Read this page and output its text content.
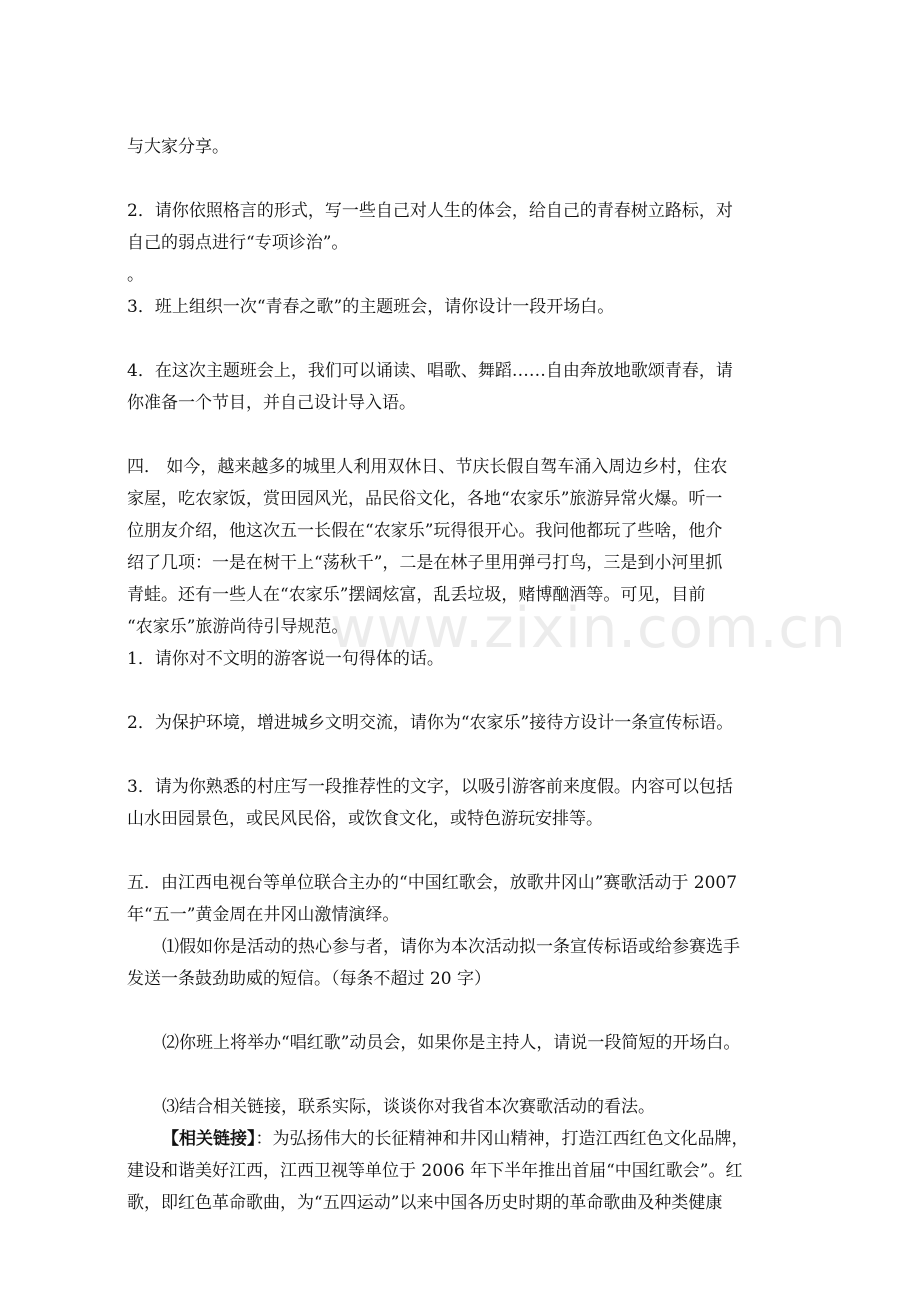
与大家分享。
2．请你依照格言的形式，写一些自己对人生的体会，给自己的青春树立路标，对
自己的弱点进行“专项诊治”。
。
3．班上组织一次“青春之歌”的主题班会，请你设计一段开场白。
4．在这次主题班会上，我们可以诵读、唱歌、舞蹈……自由奔放地歌颂青春，请
你准备一个节目，并自己设计导入语。
四． 如今，越来越多的城里人利用双休日、节庆长假自驾车涌入周边乡村，住农
家屋，吃农家饭，赏田园风光，品民俗文化，各地“农家乐”旅游异常火爆。听一
位朋友介绍，他这次五一长假在“农家乐”玩得很开心。我问他都玩了些啥，他介
绍了几项：一是在树干上“荡秋千”，二是在林子里用弹弓打鸟，三是到小河里抓
青蛙。还有一些人在“农家乐”摆阔炫富，乱丢垃圾，赌博酗酒等。可见，目前
“农家乐”旅游尚待引导规范。
1．请你对不文明的游客说一句得体的话。
2．为保护环境，增进城乡文明交流，请你为“农家乐”接待方设计一条宣传标语。
3．请为你熟悉的村庄写一段推荐性的文字，以吸引游客前来度假。内容可以包括
山水田园景色，或民风民俗，或饮食文化，或特色游玩安排等。
五．由江西电视台等单位联合主办的“中国红歌会，放歌井冈山”赛歌活动于 2007
年“五一”黄金周在井冈山激情演绎。
⑴假如你是活动的热心参与者，请你为本次活动拟一条宣传标语或给参赛选手
发送一条鼓劲助威的短信。（每条不超过 20 字）
⑵你班上将举办“唱红歌”动员会，如果你是主持人，请说一段简短的开场白。
⑶结合相关链接，联系实际，谈谈你对我省本次赛歌活动的看法。
【相关链接】：为弘扬伟大的长征精神和井冈山精神，打造江西红色文化品牌，
建设和谐美好江西，江西卫视等单位于 2006 年下半年推出首届“中国红歌会”。红
歌，即红色革命歌曲，为“五四运动”以来中国各历史时期的革命歌曲及种类健康
www.zixin.com.cn
